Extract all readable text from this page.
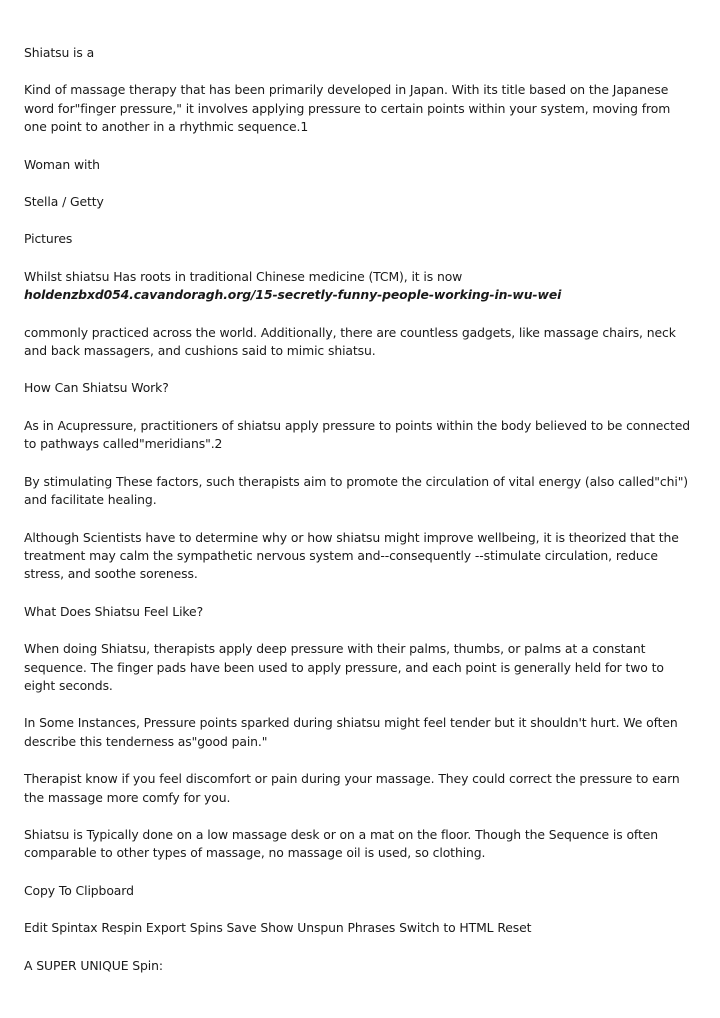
Shiatsu is a

Kind of massage therapy that has been primarily developed in Japan. With its title based on the Japanese word for"finger pressure," it involves applying pressure to certain points within your system, moving from one point to another in a rhythmic sequence.1

Woman with

Stella / Getty

Pictures

Whilst shiatsu Has roots in traditional Chinese medicine (TCM), it is now holdenzbxd054.cavandoragh.org/15-secretly-funny-people-working-in-wu-wei

commonly practiced across the world. Additionally, there are countless gadgets, like massage chairs, neck and back massagers, and cushions said to mimic shiatsu.

How Can Shiatsu Work?

As in Acupressure, practitioners of shiatsu apply pressure to points within the body believed to be connected to pathways called"meridians".2

By stimulating These factors, such therapists aim to promote the circulation of vital energy (also called"chi") and facilitate healing.

Although Scientists have to determine why or how shiatsu might improve wellbeing, it is theorized that the treatment may calm the sympathetic nervous system and--consequently --stimulate circulation, reduce stress, and soothe soreness.

What Does Shiatsu Feel Like?

When doing Shiatsu, therapists apply deep pressure with their palms, thumbs, or palms at a constant sequence. The finger pads have been used to apply pressure, and each point is generally held for two to eight seconds.

In Some Instances, Pressure points sparked during shiatsu might feel tender but it shouldn't hurt. We often describe this tenderness as"good pain."

Therapist know if you feel discomfort or pain during your massage. They could correct the pressure to earn the massage more comfy for you.

Shiatsu is Typically done on a low massage desk or on a mat on the floor. Though the Sequence is often comparable to other types of massage, no massage oil is used, so clothing.

Copy To Clipboard

Edit Spintax Respin Export Spins Save Show Unspun Phrases Switch to HTML Reset

A SUPER UNIQUE Spin:
